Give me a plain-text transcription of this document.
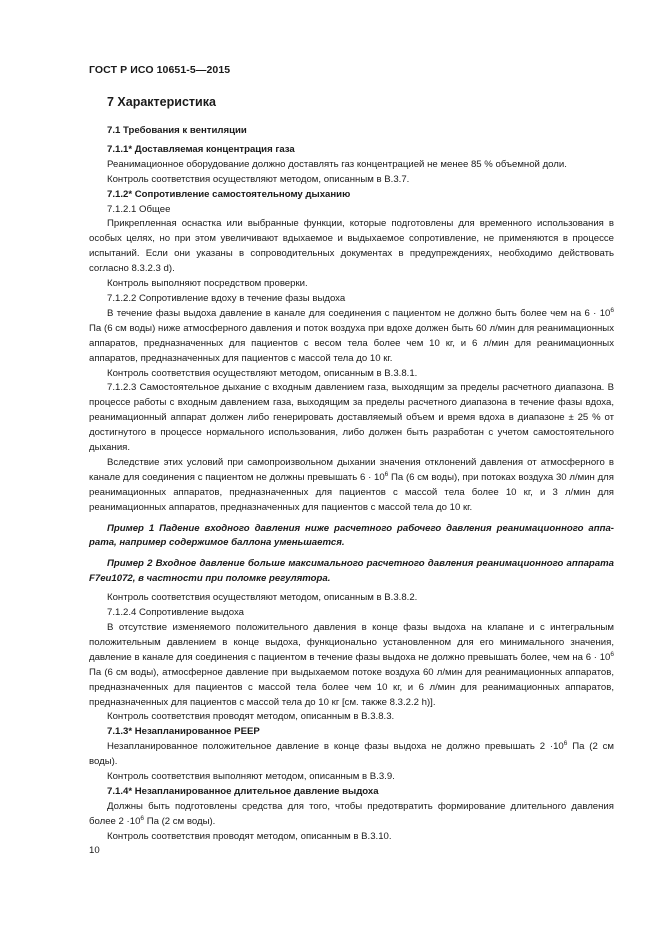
ГОСТ Р ИСО 10651-5—2015
7 Характеристика

7.1 Требования к вентиляции

7.1.1* Доставляемая концентрация газа

Реанимационное оборудование должно доставлять газ концентрацией не менее 85 % объемной доли.

Контроль соответствия осуществляют методом, описанным в В.3.7.

7.1.2* Сопротивление самостоятельному дыханию

7.1.2.1 Общее

Прикрепленная оснастка или выбранные функции, которые подготовлены для временного использования в особых целях, но при этом увеличивают вдыхаемое и выдыхаемое сопротивление, не применяются в процессе испытаний. Если они указаны в сопроводительных документах в предупреждениях, необходимо действовать согласно 8.3.2.3 d).

Контроль выполняют посредством проверки.

7.1.2.2 Сопротивление вдоху в течение фазы выдоха

В течение фазы выдоха давление в канале для соединения с пациентом не должно быть более чем на $6 \cdot 10^6$ Па (6 см воды) ниже атмосферного давления и поток воздуха при вдохе должен быть 60 л/мин для реанимационных аппаратов, предназначенных для пациентов с весом тела более чем 10 кг, и 6 л/мин для реанимационных аппаратов, предназначенных для пациентов с массой тела до 10 кг.

Контроль соответствия осуществляют методом, описанным в В.3.8.1.

7.1.2.3 Самостоятельное дыхание с входным давлением газа, выходящим за пределы расчетного диапазона. В процессе работы с входным давлением газа, выходящим за пределы расчетного диапазона в течение фазы вдоха, реанимационный аппарат должен либо генерировать доставляемый объем и время вдоха в диапазоне ± 25 % от достигнутого в процессе нормального использования, либо должен быть разработан с учетом самостоятельного дыхания.

Вследствие этих условий при самопроизвольном дыхании значения отклонений давления от атмосферного в канале для соединения с пациентом не должны превышать $6 \cdot 10^6$ Па (6 см воды), при потоках воздуха 30 л/мин для реанимационных аппаратов, предназначенных для пациентов с массой тела более 10 кг, и 3 л/мин для реанимационных аппаратов, предназначенных для пациентов с массой тела до 10 кг.

Пример 1 Падение входного давления ниже расчетного рабочего давления реанимационного аппарата, например содержимое баллона уменьшается.

Пример 2 Входное давление больше максимального расчетного давления реанимационного аппарата F7eu1072, в частности при поломке регулятора.

Контроль соответствия осуществляют методом, описанным в В.3.8.2.

7.1.2.4 Сопротивление выдоха

В отсутствие изменяемого положительного давления в конце фазы выдоха на клапане и с интегральным положительным давлением в конце выдоха, функционально установленном для его минимального значения, давление в канале для соединения с пациентом в течение фазы выдоха не должно превышать более, чем на $6 \cdot 10^6$ Па (6 см воды), атмосферное давление при выдыхаемом потоке воздуха 60 л/мин для реанимационных аппаратов, предназначенных для пациентов с массой тела более чем 10 кг, и 6 л/мин для реанимационных аппаратов, предназначенных для пациентов с массой тела до 10 кг [см. также 8.3.2.2 h)].

Контроль соответствия проводят методом, описанным в В.3.8.3.

7.1.3* Незапланированное PEEP

Незапланированное положительное давление в конце фазы выдоха не должно превышать $2 \cdot 10^6$ Па (2 см воды).

Контроль соответствия выполняют методом, описанным в В.3.9.

7.1.4* Незапланированное длительное давление выдоха

Должны быть подготовлены средства для того, чтобы предотвратить формирование длительного давления более $2 \cdot 10^6$ Па (2 см воды).

Контроль соответствия проводят методом, описанным в В.3.10.

10
